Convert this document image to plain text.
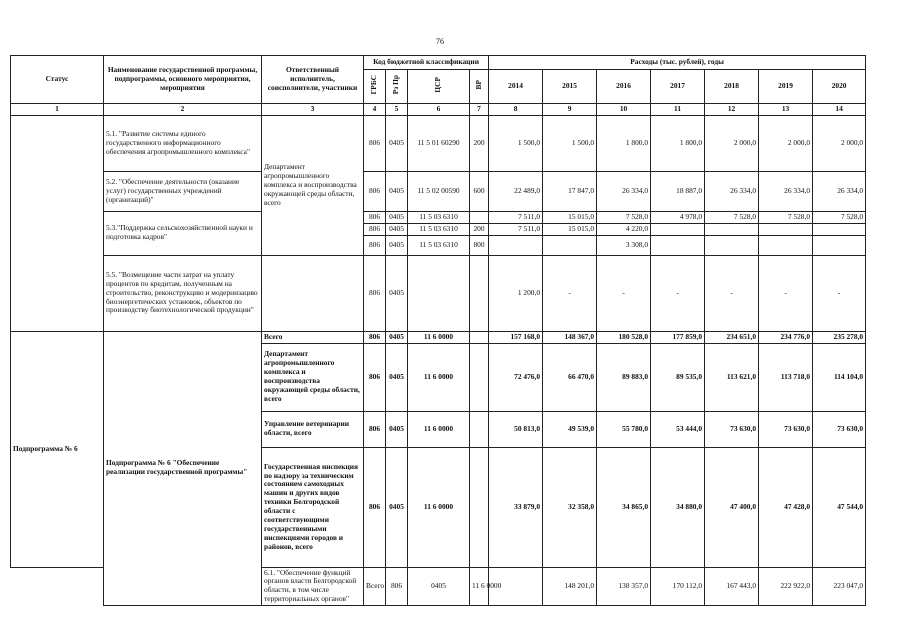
76
Статус	Наименование государственной программы, подпрограммы, основного мероприятия, мероприятия	Ответственный исполнитель, соисполнители, участники	Код бюджетной классификации				Расходы (тыс. рублей), годы							
			ГРБС	Рз Пр	ЦСР	ВР	2014	2015	2016	2017	2018	2019	2020	
1	2	3	4	5	6	7	8	9	10	11	12	13	14	
	5.1. "Развитие системы единого государственного информационного обеспечения агропромышленного комплекса"	Департамент агропромышленного комплекса и воспроизводства окружающей среды области, всего	806	0405	11 5 01 60290	200	1 500,0	1 500,0	1 800,0	1 800,0	2 000,0	2 000,0	2 000,0	
	5.2. "Обеспечение деятельности (оказание услуг) государственных учреждений (организаций)"		806	0405	11 5 02 00590	600	22 489,0	17 847,0	26 334,0	18 887,0	26 334,0	26 334,0	26 334,0	
	5.3."Поддержка сельскохозяйственной науки и подготовка кадров"		806	0405	11 5 03 6310		7 511,0	15 015,0	7 528,0	4 978,0	7 528,0	7 528,0	7 528,0	
			806	0405	11 5 03 6310	200	7 511,0	15 015,0	4 220,0					
			806	0405	11 5 03 6310	800			3 308,0					
	5.5. "Возмещение части затрат на уплату процентов по кредитам, полученным на строительство, реконструкцию и модернизацию биоэнергетических установок, объектов по производству биотехнологической продукции"		806	0405			1 200,0	-	-	-	-	-	-	
Подпрограмма № 6	Подпрограмма № 6 "Обеспечение реализации государственной программы"	Всего	806	0405	11 6 0000		157 168,0	148 367,0	180 528,0	177 859,0	234 651,0	234 776,0	235 278,0	
		Департамент агропромышленного комплекса и воспроизводства окружающей среды области, всего	806	0405	11 6 0000		72 476,0	66 470,0	89 883,0	89 535,0	113 621,0	113 718,0	114 104,0	
		Управление ветеринарии области, всего	806	0405	11 6 0000		50 813,0	49 539,0	55 780,0	53 444,0	73 630,0	73 630,0	73 630,0	
		Государственная инспекция по надзору за техническим состоянием самоходных машин и других видов техники Белгородской области с соответствующими государственными инспекциями городов и районов, всего	806	0405	11 6 0000		33 879,0	32 358,0	34 865,0	34 880,0	47 400,0	47 428,0	47 544,0	
		6.1. "Обеспечение функций органов власти Белгородской области, в том числе территориальных органов"	Всего	806	0405	11 6 0000		148 201,0	138 357,0	170 112,0	167 443,0	222 922,0	223 047,0	
